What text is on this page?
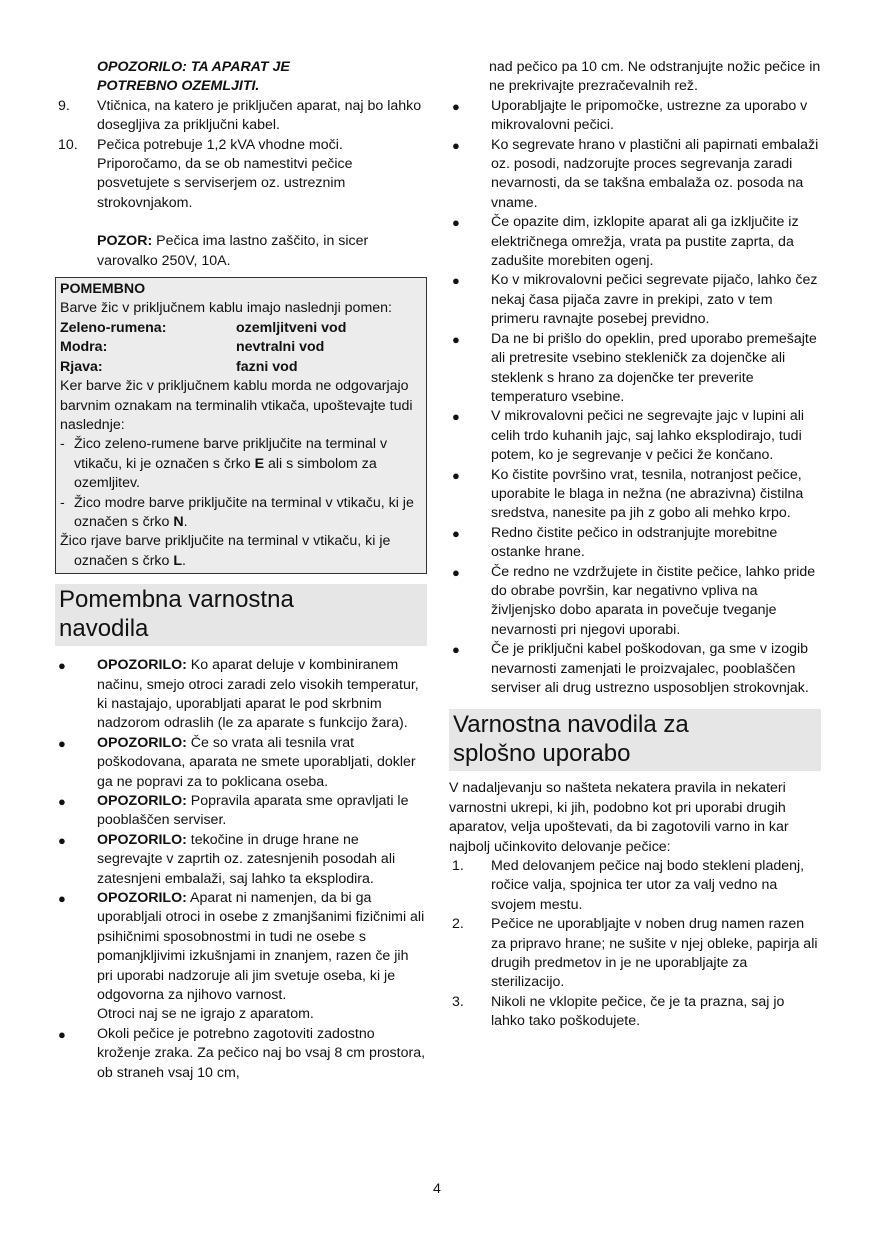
OPOZORILO: TA APARAT JE
POTREBNO OZEMLJITI.
9. Vtičnica, na katero je priključen aparat, naj bo lahko dosegljiva za priključni kabel.
10. Pečica potrebuje 1,2 kVA vhodne moči. Priporočamo, da se ob namestitvi pečice posvetujete s serviserjem oz. ustreznim strokovnjakom.
POZOR: Pečica ima lastno zaščito, in sicer varovalko 250V, 10A.
POMEMBNO
Barve žic v priključnem kablu imajo naslednji pomen:
Zeleno-rumena:	ozemljitveni vod
Modra:	nevtralni vod
Rjava:	fazni vod
Ker barve žic v priključnem kablu morda ne odgovarjajo barvnim oznakam na terminalih vtikača, upoštevajte tudi naslednje:
- Žico zeleno-rumene barve priključite na terminal v vtikaču, ki je označen s črko E ali s simbolom za ozemljitev.
- Žico modre barve priključite na terminal v vtikaču, ki je označen s črko N.
Žico rjave barve priključite na terminal v vtikaču, ki je označen s črko L.
Pomembna varnostna
navodila
● OPOZORILO: Ko aparat deluje v kombiniranem načinu, smejo otroci zaradi zelo visokih temperatur, ki nastajajo, uporabljati aparat le pod skrbnim nadzorom odraslih (le za aparate s funkcijo žara).
● OPOZORILO: Če so vrata ali tesnila vrat poškodovana, aparata ne smete uporabljati, dokler ga ne popravi za to poklicana oseba.
● OPOZORILO: Popravila aparata sme opravljati le pooblaščen serviser.
● OPOZORILO: tekočine in druge hrane ne segrevajte v zaprtih oz. zatesnjenih posodah ali zatesnjeni embalaži, saj lahko ta eksplodira.
● OPOZORILO: Aparat ni namenjen, da bi ga uporabljali otroci in osebe z zmanjšanimi fizičnimi ali psihičnimi sposobnostmi in tudi ne osebe s pomanjkljivimi izkušnjami in znanjem, razen če jih pri uporabi nadzoruje ali jim svetuje oseba, ki je odgovorna za njihovo varnost.
Otroci naj se ne igrajo z aparatom.
● Okoli pečice je potrebno zagotoviti zadostno kroženje zraka. Za pečico naj bo vsaj 8 cm prostora, ob straneh vsaj 10 cm,
nad pečico pa 10 cm. Ne odstranjujte nožic pečice in ne prekrivajte prezračevalnih rež.
● Uporabljajte le pripomočke, ustrezne za uporabo v mikrovalovni pečici.
● Ko segrevate hrano v plastični ali papirnati embalaži oz. posodi, nadzorujte proces segrevanja zaradi nevarnosti, da se takšna embalaža oz. posoda na vname.
● Če opazite dim, izklopite aparat ali ga izključite iz električnega omrežja, vrata pa pustite zaprta, da zadušite morebiten ogenj.
● Ko v mikrovalovni pečici segrevate pijačo, lahko čez nekaj časa pijača zavre in prekipi, zato v tem primeru ravnajte posebej previdno.
● Da ne bi prišlo do opeklin, pred uporabo premešajte ali pretresite vsebino stekleničk za dojenčke ali steklenk s hrano za dojenčke ter preverite temperaturo vsebine.
● V mikrovalovni pečici ne segrevajte jajc v lupini ali celih trdo kuhanih jajc, saj lahko eksplodirajo, tudi potem, ko je segrevanje v pečici že končano.
● Ko čistite površino vrat, tesnila, notranjost pečice, uporabite le blaga in nežna (ne abrazivna) čistilna sredstva, nanesite pa jih z gobo ali mehko krpo.
● Redno čistite pečico in odstranjujte morebitne ostanke hrane.
● Če redno ne vzdržujete in čistite pečice, lahko pride do obrabe površin, kar negativno vpliva na življenjsko dobo aparata in povečuje tveganje nevarnosti pri njegovi uporabi.
● Če je priključni kabel poškodovan, ga sme v izogib nevarnosti zamenjati le proizvajalec, pooblaščen serviser ali drug ustrezno usposobljen strokovnjak.
Varnostna navodila za
splošno uporabo
V nadaljevanju so našteta nekatera pravila in nekateri varnostni ukrepi, ki jih, podobno kot pri uporabi drugih aparatov, velja upoštevati, da bi zagotovili varno in kar najbolj učinkovito delovanje pečice:
1. Med delovanjem pečice naj bodo stekleni pladenj, ročice valja, spojnica ter utor za valj vedno na svojem mestu.
2. Pečice ne uporabljajte v noben drug namen razen za pripravo hrane; ne sušite v njej obleke, papirja ali drugih predmetov in je ne uporabljajte za sterilizacijo.
3. Nikoli ne vklopite pečice, če je ta prazna, saj jo lahko tako poškodujete.
4
